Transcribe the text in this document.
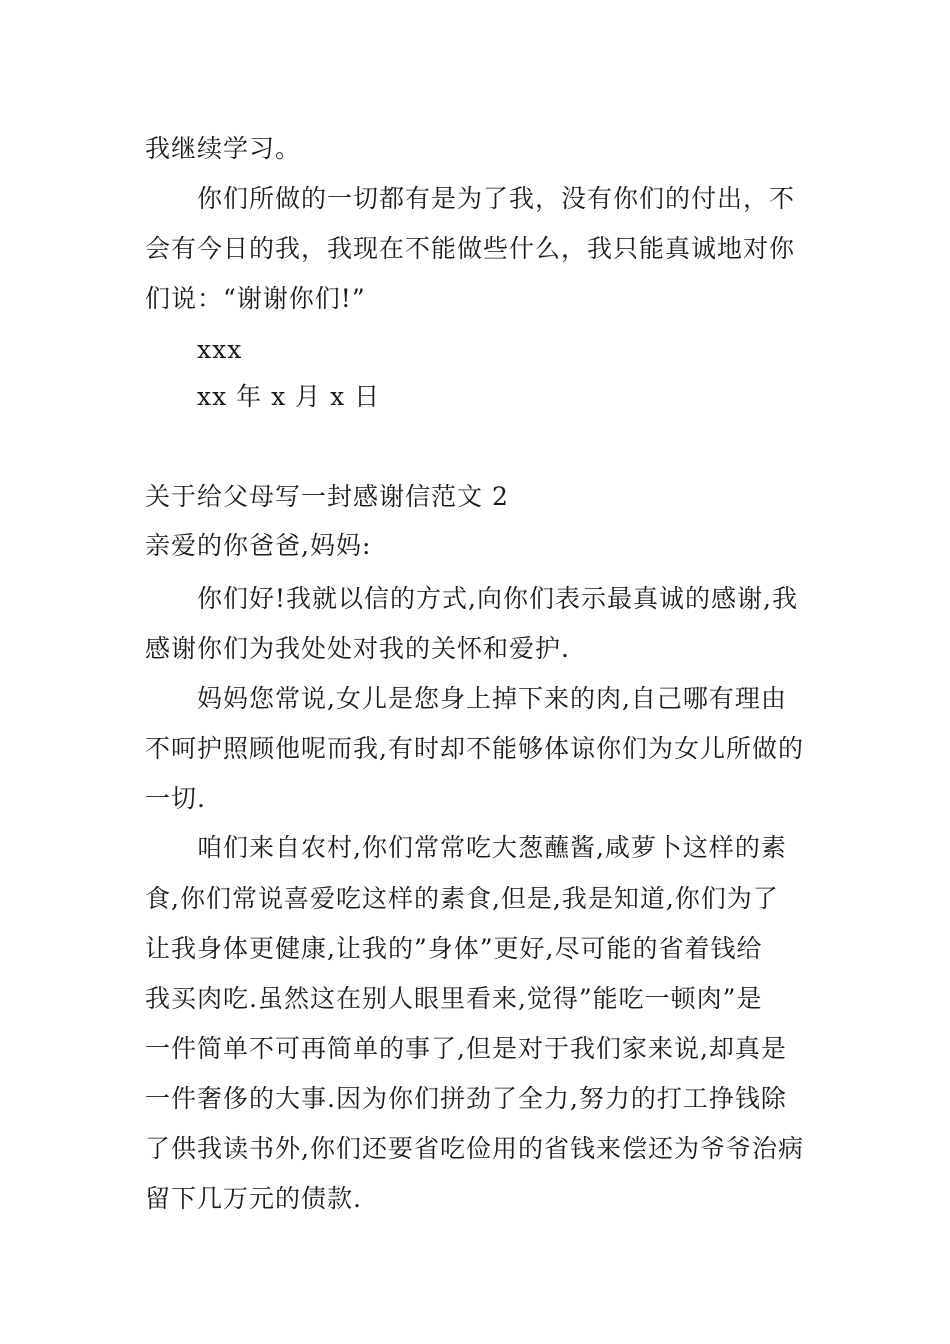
我继续学习。
你们所做的一切都有是为了我，没有你们的付出，不
会有今日的我，我现在不能做些什么，我只能真诚地对你
们说：“谢谢你们!”
xxx
xx 年 x 月 x 日
关于给父母写一封感谢信范文 2
亲爱的你爸爸,妈妈:
你们好!我就以信的方式,向你们表示最真诚的感谢,我
感谢你们为我处处对我的关怀和爱护.
妈妈您常说,女儿是您身上掉下来的肉,自己哪有理由
不呵护照顾他呢而我,有时却不能够体谅你们为女儿所做的
一切.
咱们来自农村,你们常常吃大葱蘸酱,咸萝卜这样的素
食,你们常说喜爱吃这样的素食,但是,我是知道,你们为了
让我身体更健康,让我的”身体”更好,尽可能的省着钱给
我买肉吃.虽然这在别人眼里看来,觉得”能吃一顿肉”是
一件简单不可再简单的事了,但是对于我们家来说,却真是
一件奢侈的大事.因为你们拼劲了全力,努力的打工挣钱除
了供我读书外,你们还要省吃俭用的省钱来偿还为爷爷治病
留下几万元的债款.
